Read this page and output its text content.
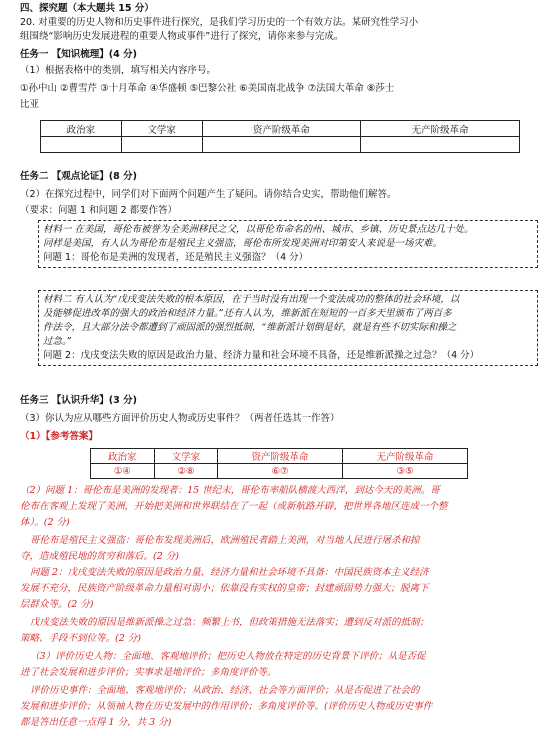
四、探究题（本大题共 15 分）
20. 对重要的历史人物和历史事件进行探究，是我们学习历史的一个有效方法。某研究性学习小
组围绕“影响历史发展进程的重要人物或事件”进行了探究，请你来参与完成。
任务一 【知识梳理】(4 分)
（1）根据表格中的类别，填写相关内容序号。
①孙中山 ②曹雪芹 ③十月革命 ④华盛顿 ⑤巴黎公社 ⑥美国南北战争 ⑦法国大革命 ⑧莎士
比亚
政治家	文学家	资产阶级革命	无产阶级革命

任务二 【观点论证】(8 分)
（2）在探究过程中，同学们对下面两个问题产生了疑问。请你结合史实，帮助他们解答。
（要求：问题 1 和问题 2 都要作答）
材料一 在美国，哥伦布被誉为全美洲移民之父，以哥伦布命名的州、城市、乡镇、历史景点达几十处。
同样是美国，有人认为哥伦布是殖民主义强盗，哥伦布所发现美洲对印第安人来说是一场灾难。
问题 1：哥伦布是美洲的发现者，还是殖民主义强盗？（4 分）
材料二 有人认为“戊戌变法失败的根本原因，在于当时没有出现一个变法成功的整体的社会环境，以
及能够促进改革的强大的政治和经济力量。”还有人认为，维新派在短短的一百多天里颁布了两百多
件法令，且大部分法令都遭到了顽固派的强烈抵制，“维新派计划倒是好，就是有些不切实际和操之
过急。”
问题 2：戊戌变法失败的原因是政治力量、经济力量和社会环境不具备，还是维新派操之过急？（4 分）
任务三 【认识升华】(3 分)
（3）你认为应从哪些方面评价历史人物或历史事件？（两者任选其一作答）
（1）【参考答案】
政治家	文学家	资产阶级革命	无产阶级革命
①④	②⑧	⑥⑦	③⑤
（2）问题 1：哥伦布是美洲的发现者：15 世纪末，哥伦布率船队横渡大西洋，到达今天的美洲。哥
伦布在客观上发现了美洲，开始把美洲和世界联结在了一起（或新航路开辟，把世界各地区连成一个整
体）。(2 分)
哥伦布是殖民主义强盗：哥伦布发现美洲后，欧洲殖民者踏上美洲，对当地人民进行屠杀和掠
夺，造成殖民地的贫穷和落后。(2 分)
问题 2：戊戌变法失败的原因是政治力量、经济力量和社会环境不具备：中国民族资本主义经济
发展不充分，民族资产阶级革命力量相对弱小；依靠没有实权的皇帝；封建顽固势力强大；脱离下
层群众等。(2 分)
戊戌变法失败的原因是维新派操之过急：频繁上书，但政策措施无法落实；遭到反对派的抵制；
策略、手段不到位等。(2 分)
（3）评价历史人物：全面地、客观地评价；把历史人物放在特定的历史背景下评价；从是否促
进了社会发展和进步评价；实事求是地评价；多角度评价等。
评价历史事件：全面地、客观地评价；从政治、经济、社会等方面评价；从是否促进了社会的
发展和进步评价；从领袖人物在历史发展中的作用评价；多角度评价等。(评价历史人物或历史事件
都是答出任意一点得 1 分，共 3 分)
